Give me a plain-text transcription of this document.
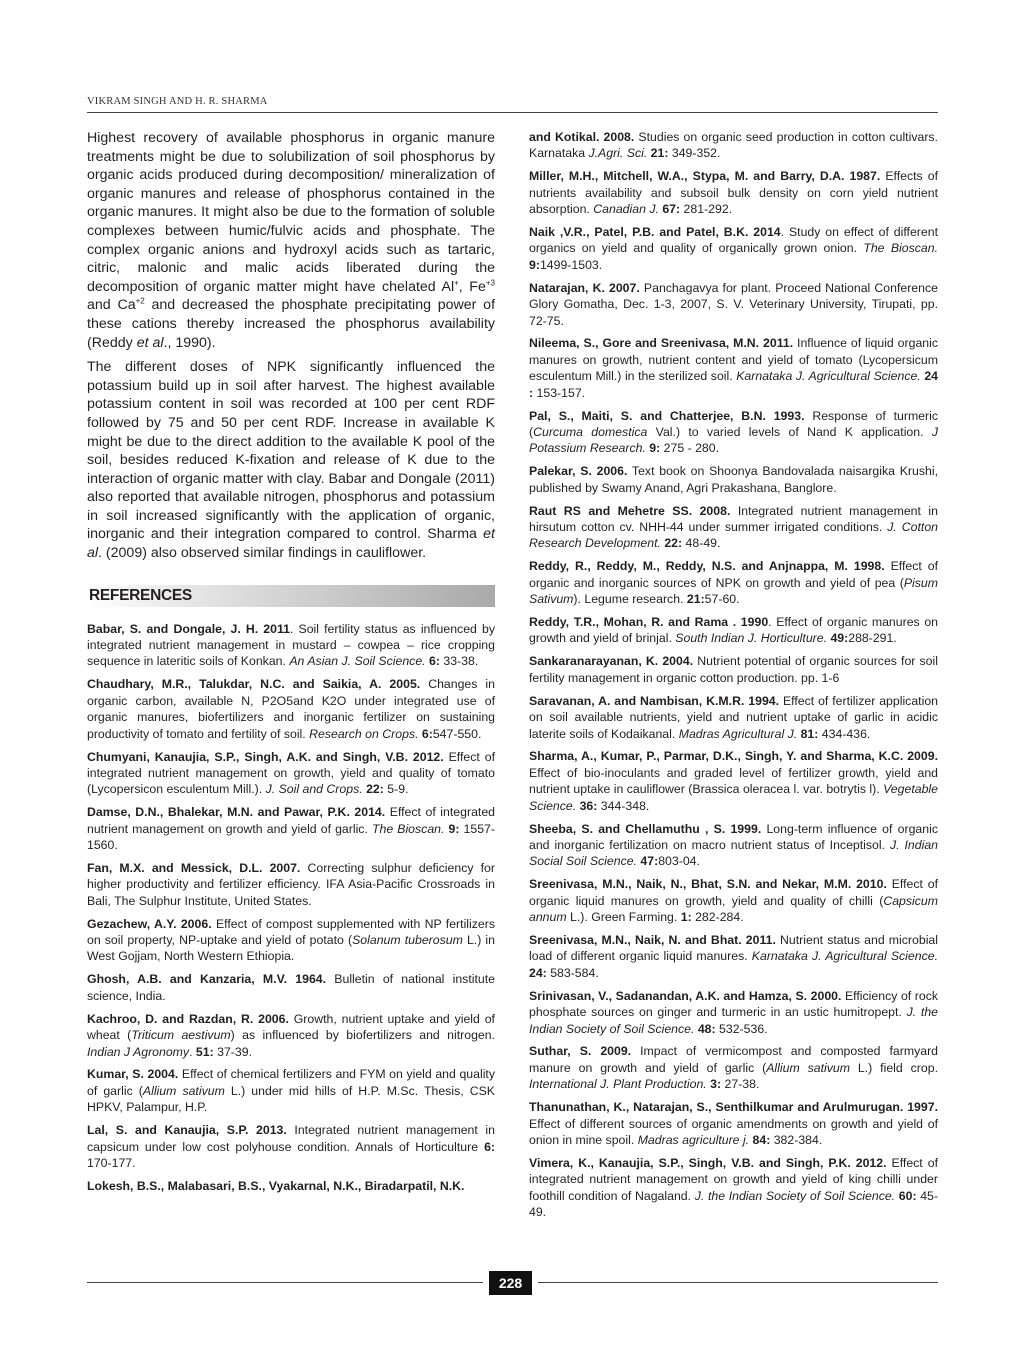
VIKRAM SINGH AND H. R. SHARMA

Highest recovery of available phosphorus in organic manure treatments might be due to solubilization of soil phosphorus by organic acids produced during decomposition/ mineralization of organic manures and release of phosphorus contained in the organic manures. It might also be due to the formation of soluble complexes between humic/fulvic acids and phosphate. The complex organic anions and hydroxyl acids such as tartaric, citric, malonic and malic acids liberated during the decomposition of organic matter might have chelated Al+, $Fe^{+3}$ and $Ca^{+2}$ and decreased the phosphate precipitating power of these cations thereby increased the phosphorus availability (Reddy et al., 1990).

The different doses of NPK significantly influenced the potassium build up in soil after harvest. The highest available potassium content in soil was recorded at 100 per cent RDF followed by 75 and 50 per cent RDF. Increase in available K might be due to the direct addition to the available K pool of the soil, besides reduced K-fixation and release of K due to the interaction of organic matter with clay. Babar and Dongale (2011) also reported that available nitrogen, phosphorus and potassium in soil increased significantly with the application of organic, inorganic and their integration compared to control. Sharma et al. (2009) also observed similar findings in cauliflower.

REFERENCES

Babar, S. and Dongale, J. H. 2011. Soil fertility status as influenced by integrated nutrient management in mustard – cowpea – rice cropping sequence in lateritic soils of Konkan. An Asian J. Soil Science. 6: 33-38.

Chaudhary, M.R., Talukdar, N.C. and Saikia, A. 2005. Changes in organic carbon, available N, P2O5and K2O under integrated use of organic manures, biofertilizers and inorganic fertilizer on sustaining productivity of tomato and fertility of soil. Research on Crops. 6:547-550.

Chumyani, Kanaujia, S.P., Singh, A.K. and Singh, V.B. 2012. Effect of integrated nutrient management on growth, yield and quality of tomato (Lycopersicon esculentum Mill.). J. Soil and Crops. 22: 5-9.

Damse, D.N., Bhalekar, M.N. and Pawar, P.K. 2014. Effect of integrated nutrient management on growth and yield of garlic. The Bioscan. 9: 1557-1560.

Fan, M.X. and Messick, D.L. 2007. Correcting sulphur deficiency for higher productivity and fertilizer efficiency. IFA Asia-Pacific Crossroads in Bali, The Sulphur Institute, United States.

Gezachew, A.Y. 2006. Effect of compost supplemented with NP fertilizers on soil property, NP-uptake and yield of potato (Solanum tuberosum L.) in West Gojjam, North Western Ethiopia.

Ghosh, A.B. and Kanzaria, M.V. 1964. Bulletin of national institute science, India.

Kachroo, D. and Razdan, R. 2006. Growth, nutrient uptake and yield of wheat (Triticum aestivum) as influenced by biofertilizers and nitrogen. Indian J Agronomy. 51: 37-39.

Kumar, S. 2004. Effect of chemical fertilizers and FYM on yield and quality of garlic (Allium sativum L.) under mid hills of H.P. M.Sc. Thesis, CSK HPKV, Palampur, H.P.

Lal, S. and Kanaujia, S.P. 2013. Integrated nutrient management in capsicum under low cost polyhouse condition. Annals of Horticulture 6: 170-177.

Lokesh, B.S., Malabasari, B.S., Vyakarnal, N.K., Biradarpatil, N.K.

and Kotikal. 2008. Studies on organic seed production in cotton cultivars. Karnataka J.Agri. Sci. 21: 349-352.

Miller, M.H., Mitchell, W.A., Stypa, M. and Barry, D.A. 1987. Effects of nutrients availability and subsoil bulk density on corn yield nutrient absorption. Canadian J. 67: 281-292.

Naik ,V.R., Patel, P.B. and Patel, B.K. 2014. Study on effect of different organics on yield and quality of organically grown onion. The Bioscan. 9:1499-1503.

Natarajan, K. 2007. Panchagavya for plant. Proceed National Conference Glory Gomatha, Dec. 1-3, 2007, S. V. Veterinary University, Tirupati, pp. 72-75.

Nileema, S., Gore and Sreenivasa, M.N. 2011. Influence of liquid organic manures on growth, nutrient content and yield of tomato (Lycopersicum esculentum Mill.) in the sterilized soil. Karnataka J. Agricultural Science. 24 : 153-157.

Pal, S., Maiti, S. and Chatterjee, B.N. 1993. Response of turmeric (Curcuma domestica Val.) to varied levels of Nand K application. J Potassium Research. 9: 275 - 280.

Palekar, S. 2006. Text book on Shoonya Bandovalada naisargika Krushi, published by Swamy Anand, Agri Prakashana, Banglore.

Raut RS and Mehetre SS. 2008. Integrated nutrient management in hirsutum cotton cv. NHH-44 under summer irrigated conditions. J. Cotton Research Development. 22: 48-49.

Reddy, R., Reddy, M., Reddy, N.S. and Anjnappa, M. 1998. Effect of organic and inorganic sources of NPK on growth and yield of pea (Pisum Sativum). Legume research. 21:57-60.

Reddy, T.R., Mohan, R. and Rama . 1990. Effect of organic manures on growth and yield of brinjal. South Indian J. Horticulture. 49:288-291.

Sankaranarayanan, K. 2004. Nutrient potential of organic sources for soil fertility management in organic cotton production. pp. 1-6

Saravanan, A. and Nambisan, K.M.R. 1994. Effect of fertilizer application on soil available nutrients, yield and nutrient uptake of garlic in acidic laterite soils of Kodaikanal. Madras Agricultural J. 81: 434-436.

Sharma, A., Kumar, P., Parmar, D.K., Singh, Y. and Sharma, K.C. 2009. Effect of bio-inoculants and graded level of fertilizer growth, yield and nutrient uptake in cauliflower (Brassica oleracea l. var. botrytis l). Vegetable Science. 36: 344-348.

Sheeba, S. and Chellamuthu , S. 1999. Long-term influence of organic and inorganic fertilization on macro nutrient status of Inceptisol. J. Indian Social Soil Science. 47:803-04.

Sreenivasa, M.N., Naik, N., Bhat, S.N. and Nekar, M.M. 2010. Effect of organic liquid manures on growth, yield and quality of chilli (Capsicum annum L.). Green Farming. 1: 282-284.

Sreenivasa, M.N., Naik, N. and Bhat. 2011. Nutrient status and microbial load of different organic liquid manures. Karnataka J. Agricultural Science. 24: 583-584.

Srinivasan, V., Sadanandan, A.K. and Hamza, S. 2000. Efficiency of rock phosphate sources on ginger and turmeric in an ustic humitropept. J. the Indian Society of Soil Science. 48: 532-536.

Suthar, S. 2009. Impact of vermicompost and composted farmyard manure on growth and yield of garlic (Allium sativum L.) field crop. International J. Plant Production. 3: 27-38.

Thanunathan, K., Natarajan, S., Senthilkumar and Arulmurugan. 1997. Effect of different sources of organic amendments on growth and yield of onion in mine spoil. Madras agriculture j. 84: 382-384.

Vimera, K., Kanaujia, S.P., Singh, V.B. and Singh, P.K. 2012. Effect of integrated nutrient management on growth and yield of king chilli under foothill condition of Nagaland. J. the Indian Society of Soil Science. 60: 45-49.

228
